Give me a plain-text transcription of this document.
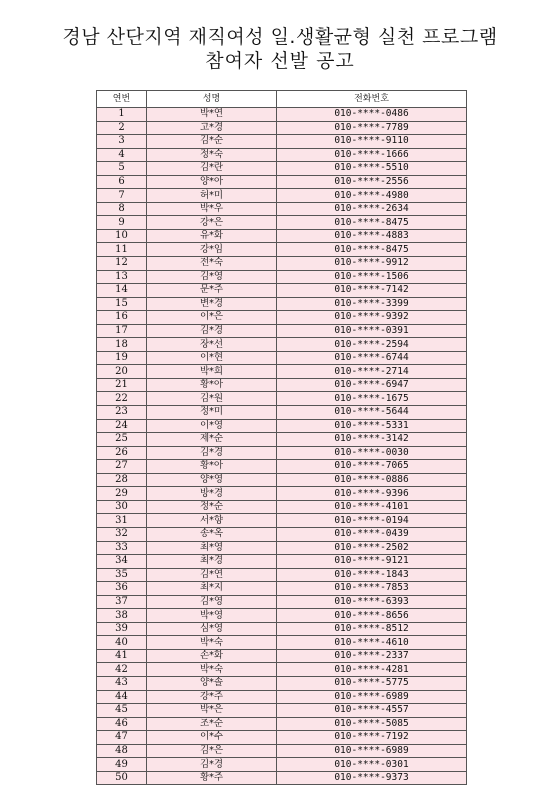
경남 산단지역 재직여성 일.생활균형 실천 프로그램
참여자 선발 공고
연번	성명	전화번호
1	박*연	010-****-0486
2	고*경	010-****-7789
3	김*순	010-****-9110
4	정*숙	010-****-1666
5	김*란	010-****-5510
6	양*아	010-****-2556
7	허*미	010-****-4980
8	박*우	010-****-2634
9	강*은	010-****-8475
10	유*화	010-****-4883
11	강*임	010-****-8475
12	전*숙	010-****-9912
13	김*영	010-****-1506
14	문*주	010-****-7142
15	변*경	010-****-3399
16	이*은	010-****-9392
17	김*경	010-****-0391
18	장*선	010-****-2594
19	이*현	010-****-6744
20	박*희	010-****-2714
21	황*아	010-****-6947
22	김*원	010-****-1675
23	정*미	010-****-5644
24	이*영	010-****-5331
25	제*순	010-****-3142
26	김*경	010-****-0030
27	황*아	010-****-7065
28	양*영	010-****-0886
29	방*경	010-****-9396
30	정*순	010-****-4101
31	서*향	010-****-0194
32	송*옥	010-****-0439
33	최*영	010-****-2502
34	최*경	010-****-9121
35	김*연	010-****-1843
36	최*지	010-****-7853
37	김*영	010-****-6393
38	박*영	010-****-8656
39	심*영	010-****-8512
40	박*숙	010-****-4610
41	손*화	010-****-2337
42	박*숙	010-****-4281
43	양*솔	010-****-5775
44	강*주	010-****-6989
45	박*은	010-****-4557
46	조*순	010-****-5085
47	이*수	010-****-7192
48	김*은	010-****-6989
49	김*경	010-****-0301
50	황*주	010-****-9373
